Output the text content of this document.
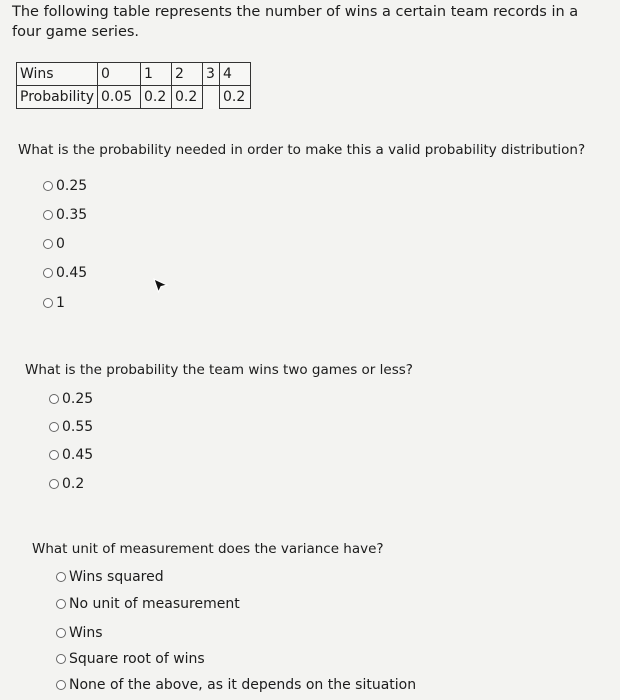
The following table represents the number of wins a certain team records in a four game series.

Wins	0	1	2	3	4
Probability	0.05	0.2	0.2		0.2

What is the probability needed in order to make this a valid probability distribution?

0.25
0.35
0
0.45
1

What is the probability the team wins two games or less?

0.25
0.55
0.45
0.2

What unit of measurement does the variance have?

Wins squared
No unit of measurement
Wins
Square root of wins
None of the above, as it depends on the situation
